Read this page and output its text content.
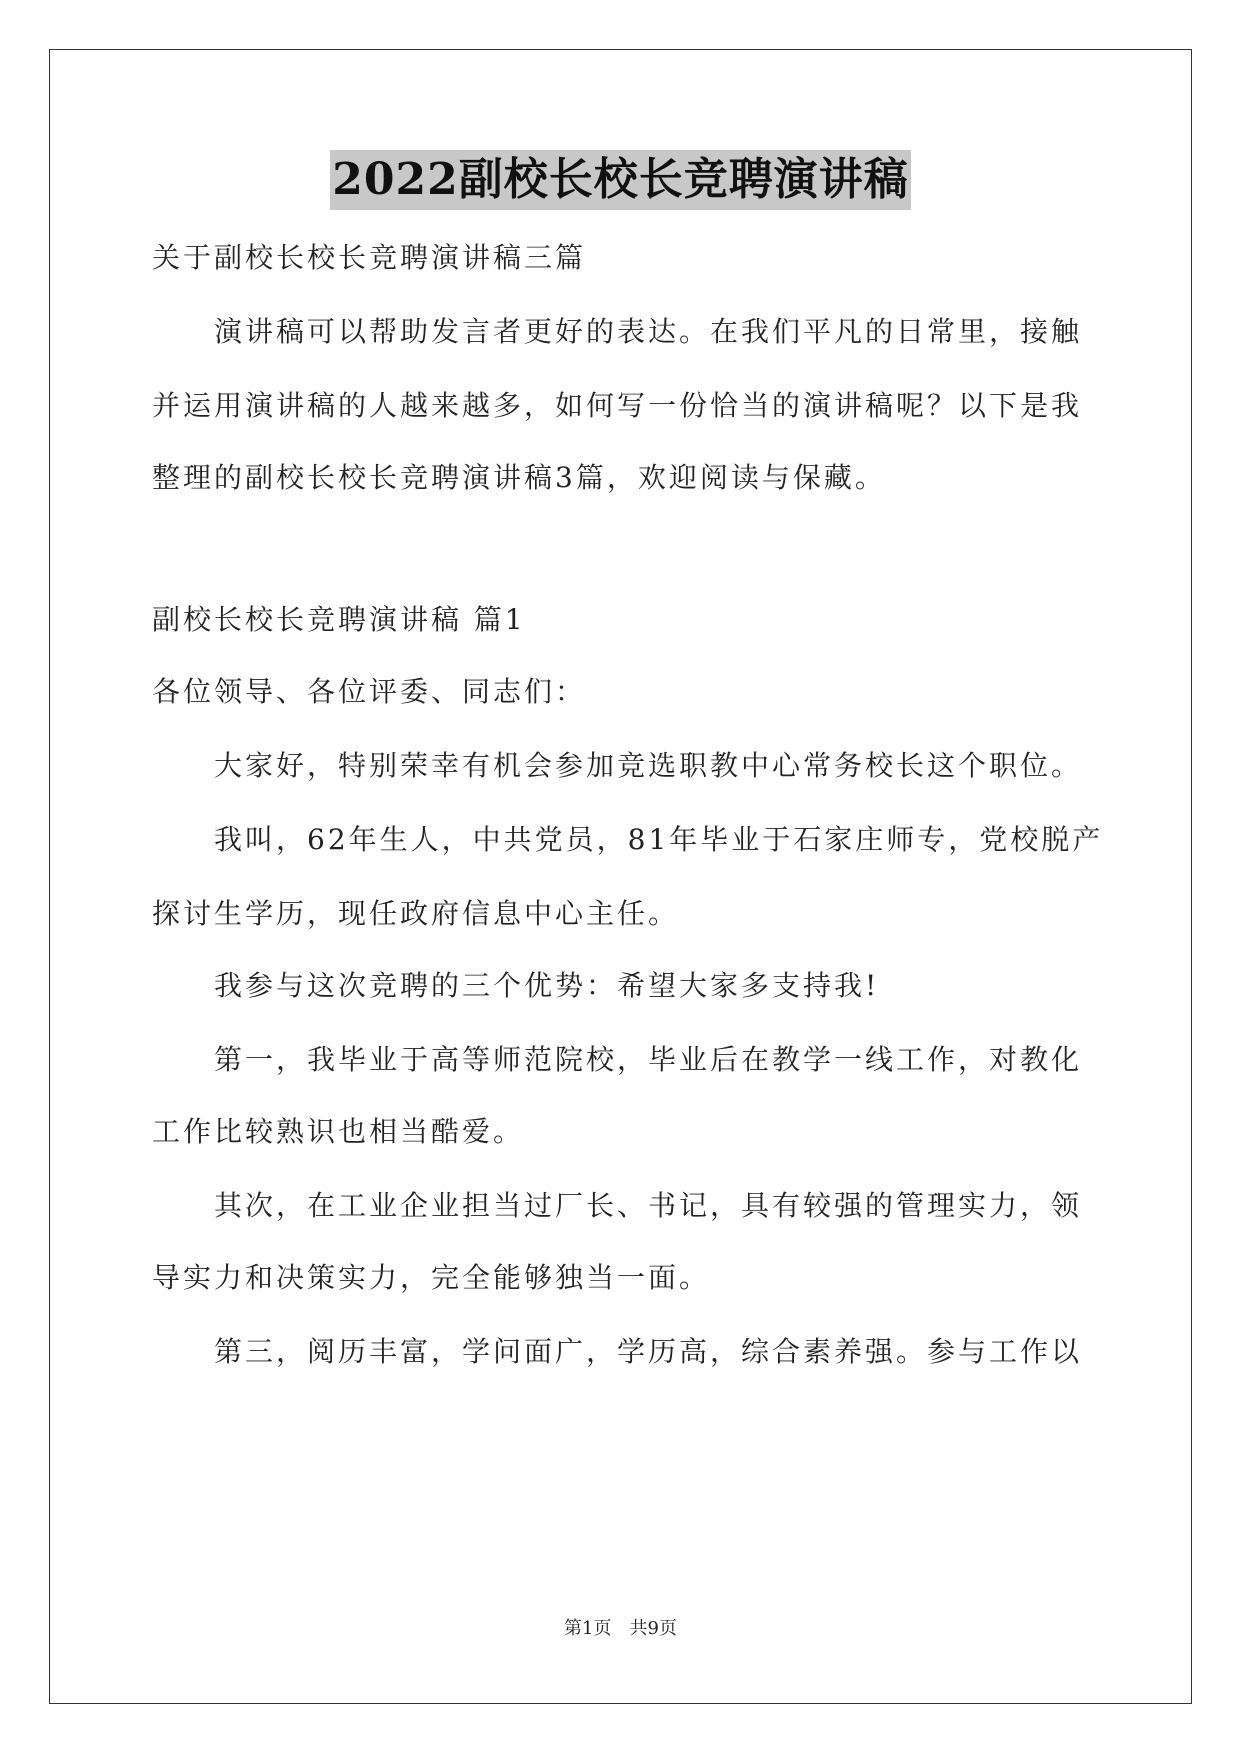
2022副校长校长竞聘演讲稿
关于副校长校长竞聘演讲稿三篇
演讲稿可以帮助发言者更好的表达。在我们平凡的日常里，接触
并运用演讲稿的人越来越多，如何写一份恰当的演讲稿呢？以下是我
整理的副校长校长竞聘演讲稿3篇，欢迎阅读与保藏。
副校长校长竞聘演讲稿 篇1
各位领导、各位评委、同志们：
大家好，特别荣幸有机会参加竞选职教中心常务校长这个职位。
我叫，62年生人，中共党员，81年毕业于石家庄师专，党校脱产
探讨生学历，现任政府信息中心主任。
我参与这次竞聘的三个优势：希望大家多支持我!
第一，我毕业于高等师范院校，毕业后在教学一线工作，对教化
工作比较熟识也相当酷爱。
其次，在工业企业担当过厂长、书记，具有较强的管理实力，领
导实力和决策实力，完全能够独当一面。
第三，阅历丰富，学问面广，学历高，综合素养强。参与工作以
第1页　共9页
